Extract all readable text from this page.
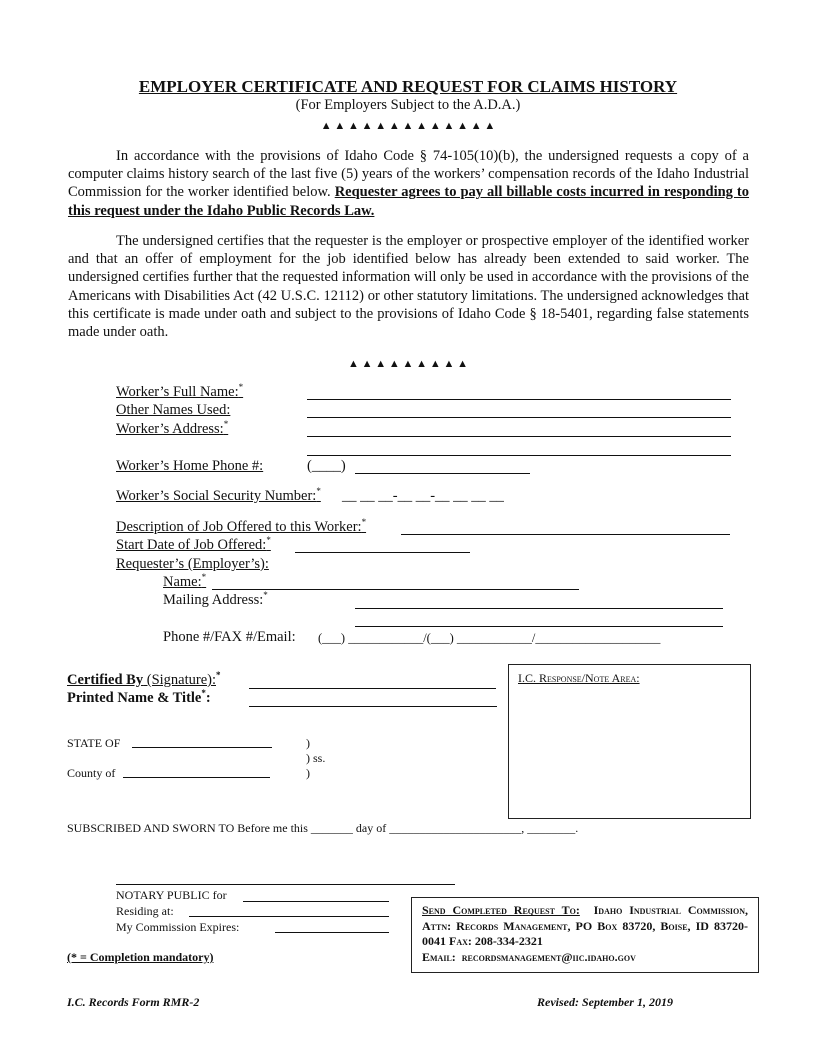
EMPLOYER CERTIFICATE AND REQUEST FOR CLAIMS HISTORY
(For Employers Subject to the A.D.A.)
▲ ▲ ▲ ▲ ▲ ▲ ▲ ▲ ▲ ▲ ▲ ▲ ▲
In accordance with the provisions of Idaho Code § 74-105(10)(b), the undersigned requests a copy of a computer claims history search of the last five (5) years of the workers’ compensation records of the Idaho Industrial Commission for the worker identified below. Requester agrees to pay all billable costs incurred in responding to this request under the Idaho Public Records Law.
The undersigned certifies that the requester is the employer or prospective employer of the identified worker and that an offer of employment for the job identified below has already been extended to said worker. The undersigned certifies further that the requested information will only be used in accordance with the provisions of the Americans with Disabilities Act (42 U.S.C. 12112) or other statutory limitations. The undersigned acknowledges that this certificate is made under oath and subject to the provisions of Idaho Code § 18-5401, regarding false statements made under oath.
▲ ▲ ▲ ▲ ▲ ▲ ▲ ▲ ▲
Worker’s Full Name:*
Other Names Used:
Worker’s Address:*
Worker’s Home Phone #:	(____)
Worker’s Social Security Number:* __ __ __-__ __-__ __ __ __
Description of Job Offered to this Worker:*
Start Date of Job Offered:*
Requester’s (Employer’s):
Name:*
Mailing Address:*
Phone #/FAX #/Email: (___) ____________/(___) ____________/____________________
Certified By (Signature):*
Printed Name & Title*:
I.C. Response/Note Area:
STATE OF	)
) ss.
)
County of
SUBSCRIBED AND SWORN TO Before me this _______ day of ______________________, ________.
NOTARY PUBLIC for
Residing at:
My Commission Expires:
(* = Completion mandatory)
Send Completed Request To: Idaho Industrial Commission, Attn: Records Management, PO Box 83720, Boise, ID 83720-0041 Fax: 208-334-2321
Email: recordsmanagement@iic.idaho.gov
I.C. Records Form RMR-2	Revised: September 1, 2019
